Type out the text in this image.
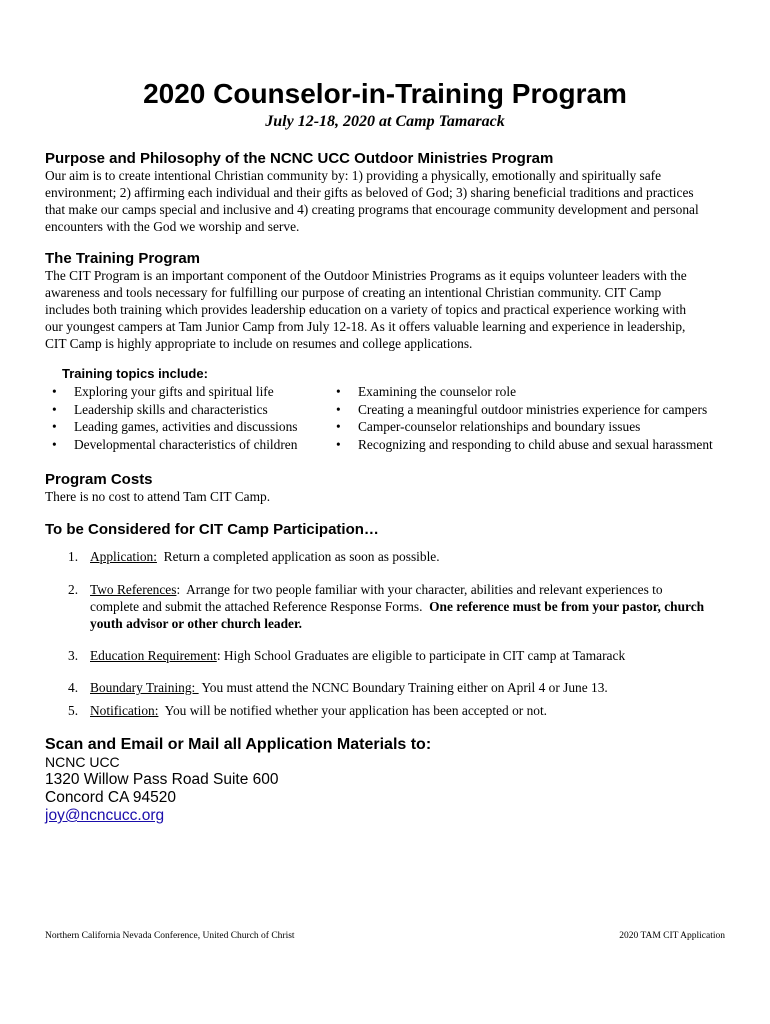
2020 Counselor-in-Training Program
July 12-18, 2020 at Camp Tamarack
Purpose and Philosophy of the NCNC UCC Outdoor Ministries Program
Our aim is to create intentional Christian community by: 1) providing a physically, emotionally and spiritually safe
environment; 2) affirming each individual and their gifts as beloved of God; 3) sharing beneficial traditions and practices
that make our camps special and inclusive and 4) creating programs that encourage community development and personal
encounters with the God we worship and serve.
The Training Program
The CIT Program is an important component of the Outdoor Ministries Programs as it equips volunteer leaders with the
awareness and tools necessary for fulfilling our purpose of creating an intentional Christian community. CIT Camp
includes both training which provides leadership education on a variety of topics and practical experience working with
our youngest campers at Tam Junior Camp from July 12-18. As it offers valuable learning and experience in leadership,
CIT Camp is highly appropriate to include on resumes and college applications.
Training topics include:
• Exploring your gifts and spiritual life
• Leadership skills and characteristics
• Leading games, activities and discussions
• Developmental characteristics of children
• Examining the counselor role
• Creating a meaningful outdoor ministries experience for campers
• Camper-counselor relationships and boundary issues
• Recognizing and responding to child abuse and sexual harassment
Program Costs
There is no cost to attend Tam CIT Camp.
To be Considered for CIT Camp Participation…
1. Application:  Return a completed application as soon as possible.
2. Two References:  Arrange for two people familiar with your character, abilities and relevant experiences to
complete and submit the attached Reference Response Forms.  One reference must be from your pastor, church
youth advisor or other church leader.
3. Education Requirement: High School Graduates are eligible to participate in CIT camp at Tamarack
4. Boundary Training:  You must attend the NCNC Boundary Training either on April 4 or June 13.
5. Notification:  You will be notified whether your application has been accepted or not.
Scan and Email or Mail all Application Materials to:
NCNC UCC
1320 Willow Pass Road Suite 600
Concord CA 94520
joy@ncncucc.org
Northern California Nevada Conference, United Church of Christ	2020 TAM CIT Application
